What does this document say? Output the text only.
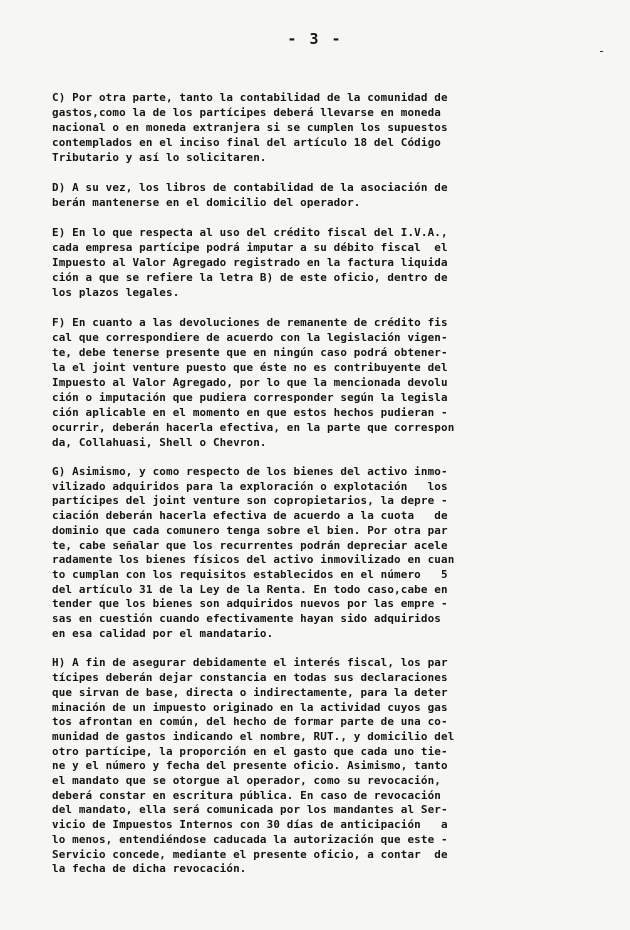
- 3 -
-
C) Por otra parte, tanto la contabilidad de la comunidad de
gastos,como la de los partícipes deberá llevarse en moneda
nacional o en moneda extranjera si se cumplen los supuestos
contemplados en el inciso final del artículo 18 del Código
Tributario y así lo solicitaren.
D) A su vez, los libros de contabilidad de la asociación de
berán mantenerse en el domicilio del operador.
E) En lo que respecta al uso del crédito fiscal del I.V.A.,
cada empresa partícipe podrá imputar a su débito fiscal  el
Impuesto al Valor Agregado registrado en la factura liquida
ción a que se refiere la letra B) de este oficio, dentro de
los plazos legales.
F) En cuanto a las devoluciones de remanente de crédito fis
cal que correspondiere de acuerdo con la legislación vigen-
te, debe tenerse presente que en ningún caso podrá obtener-
la el joint venture puesto que éste no es contribuyente del
Impuesto al Valor Agregado, por lo que la mencionada devolu
ción o imputación que pudiera corresponder según la legisla
ción aplicable en el momento en que estos hechos pudieran -
ocurrir, deberán hacerla efectiva, en la parte que correspon
da, Collahuasi, Shell o Chevron.
G) Asimismo, y como respecto de los bienes del activo inmo-
vilizado adquiridos para la exploración o explotación   los
partícipes del joint venture son copropietarios, la depre -
ciación deberán hacerla efectiva de acuerdo a la cuota   de
dominio que cada comunero tenga sobre el bien. Por otra par
te, cabe señalar que los recurrentes podrán depreciar acele
radamente los bienes físicos del activo inmovilizado en cuan
to cumplan con los requisitos establecidos en el número   5
del artículo 31 de la Ley de la Renta. En todo caso,cabe en
tender que los bienes son adquiridos nuevos por las empre -
sas en cuestión cuando efectivamente hayan sido adquiridos
en esa calidad por el mandatario.
H) A fin de asegurar debidamente el interés fiscal, los par
tícipes deberán dejar constancia en todas sus declaraciones
que sirvan de base, directa o indirectamente, para la deter
minación de un impuesto originado en la actividad cuyos gas
tos afrontan en común, del hecho de formar parte de una co-
munidad de gastos indicando el nombre, RUT., y domicilio del
otro partícipe, la proporción en el gasto que cada uno tie-
ne y el número y fecha del presente oficio. Asimismo, tanto
el mandato que se otorgue al operador, como su revocación,
deberá constar en escritura pública. En caso de revocación
del mandato, ella será comunicada por los mandantes al Ser-
vicio de Impuestos Internos con 30 días de anticipación   a
lo menos, entendiéndose caducada la autorización que este -
Servicio concede, mediante el presente oficio, a contar  de
la fecha de dicha revocación.
